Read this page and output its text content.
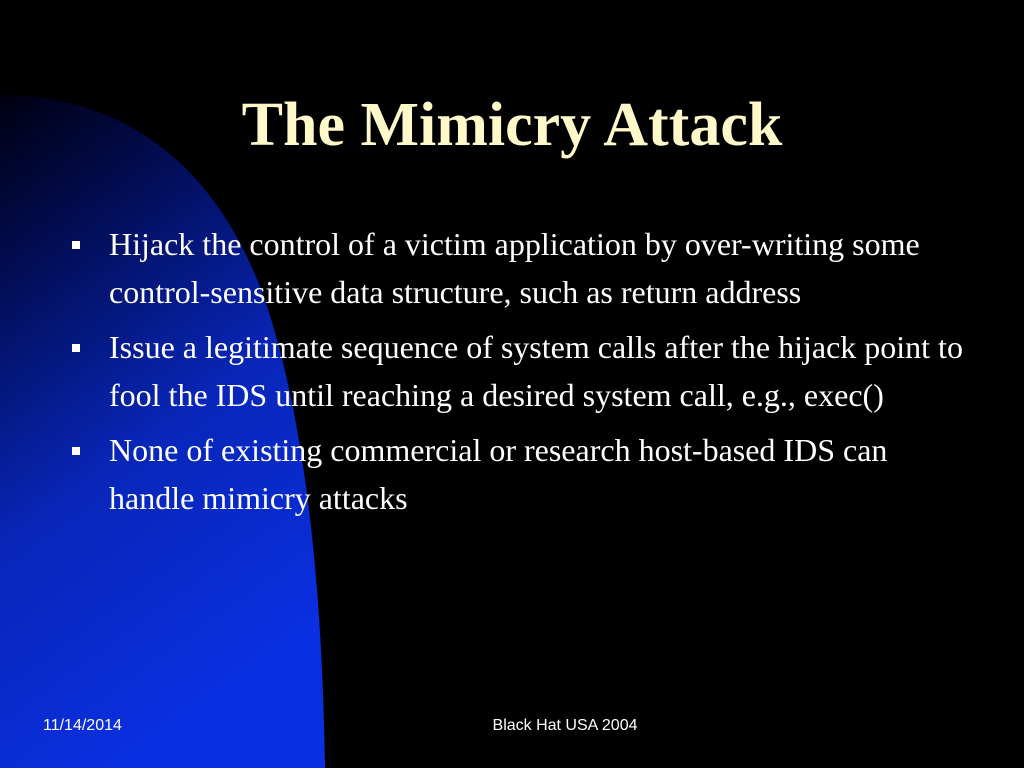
The Mimicry Attack
Hijack the control of a victim application by over-writing some control-sensitive data structure, such as return address
Issue a legitimate sequence of system calls after the hijack point to fool the IDS until reaching a desired system call, e.g., exec()
None of existing commercial or research host-based IDS can handle mimicry attacks
11/14/2014	Black Hat USA 2004
